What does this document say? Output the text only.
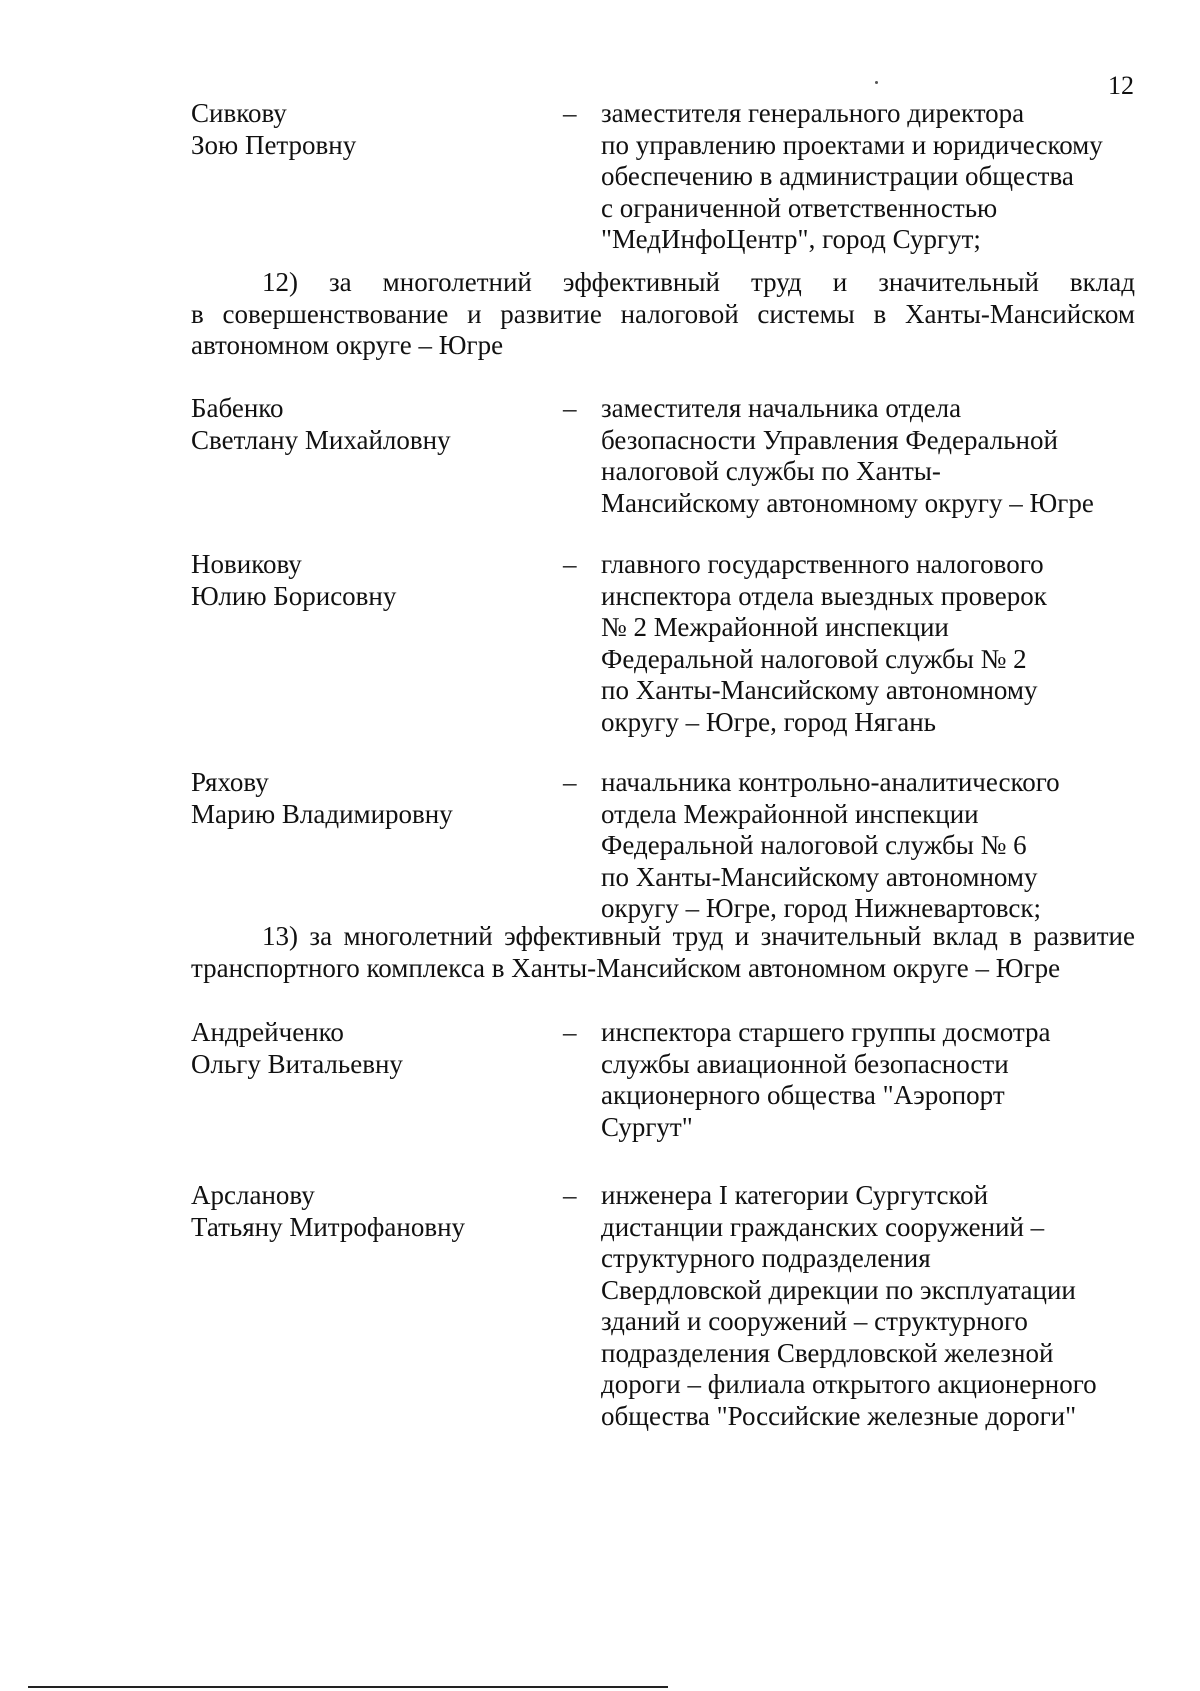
12
Сивкову
Зою Петровну
– заместителя генерального директора
по управлению проектами и юридическому
обеспечению в администрации общества
с ограниченной ответственностью
"МедИнфоЦентр", город Сургут;
12) за многолетний эффективный труд и значительный вклад
в совершенствование и развитие налоговой системы в Ханты-Мансийском
автономном округе – Югре
Бабенко
Светлану Михайловну
– заместителя начальника отдела
безопасности Управления Федеральной
налоговой службы по Ханты-
Мансийскому автономному округу – Югре
Новикову
Юлию Борисовну
– главного государственного налогового
инспектора отдела выездных проверок
№ 2 Межрайонной инспекции
Федеральной налоговой службы № 2
по Ханты-Мансийскому автономному
округу – Югре, город Нягань
Ряхову
Марию Владимировну
– начальника контрольно-аналитического
отдела Межрайонной инспекции
Федеральной налоговой службы № 6
по Ханты-Мансийскому автономному
округу – Югре, город Нижневартовск;
13) за многолетний эффективный труд и значительный вклад в развитие
транспортного комплекса в Ханты-Мансийском автономном округе – Югре
Андрейченко
Ольгу Витальевну
– инспектора старшего группы досмотра
службы авиационной безопасности
акционерного общества "Аэропорт
Сургут"
Арсланову
Татьяну Митрофановну
– инженера I категории Сургутской
дистанции гражданских сооружений –
структурного подразделения
Свердловской дирекции по эксплуатации
зданий и сооружений – структурного
подразделения Свердловской железной
дороги – филиала открытого акционерного
общества "Российские железные дороги"
